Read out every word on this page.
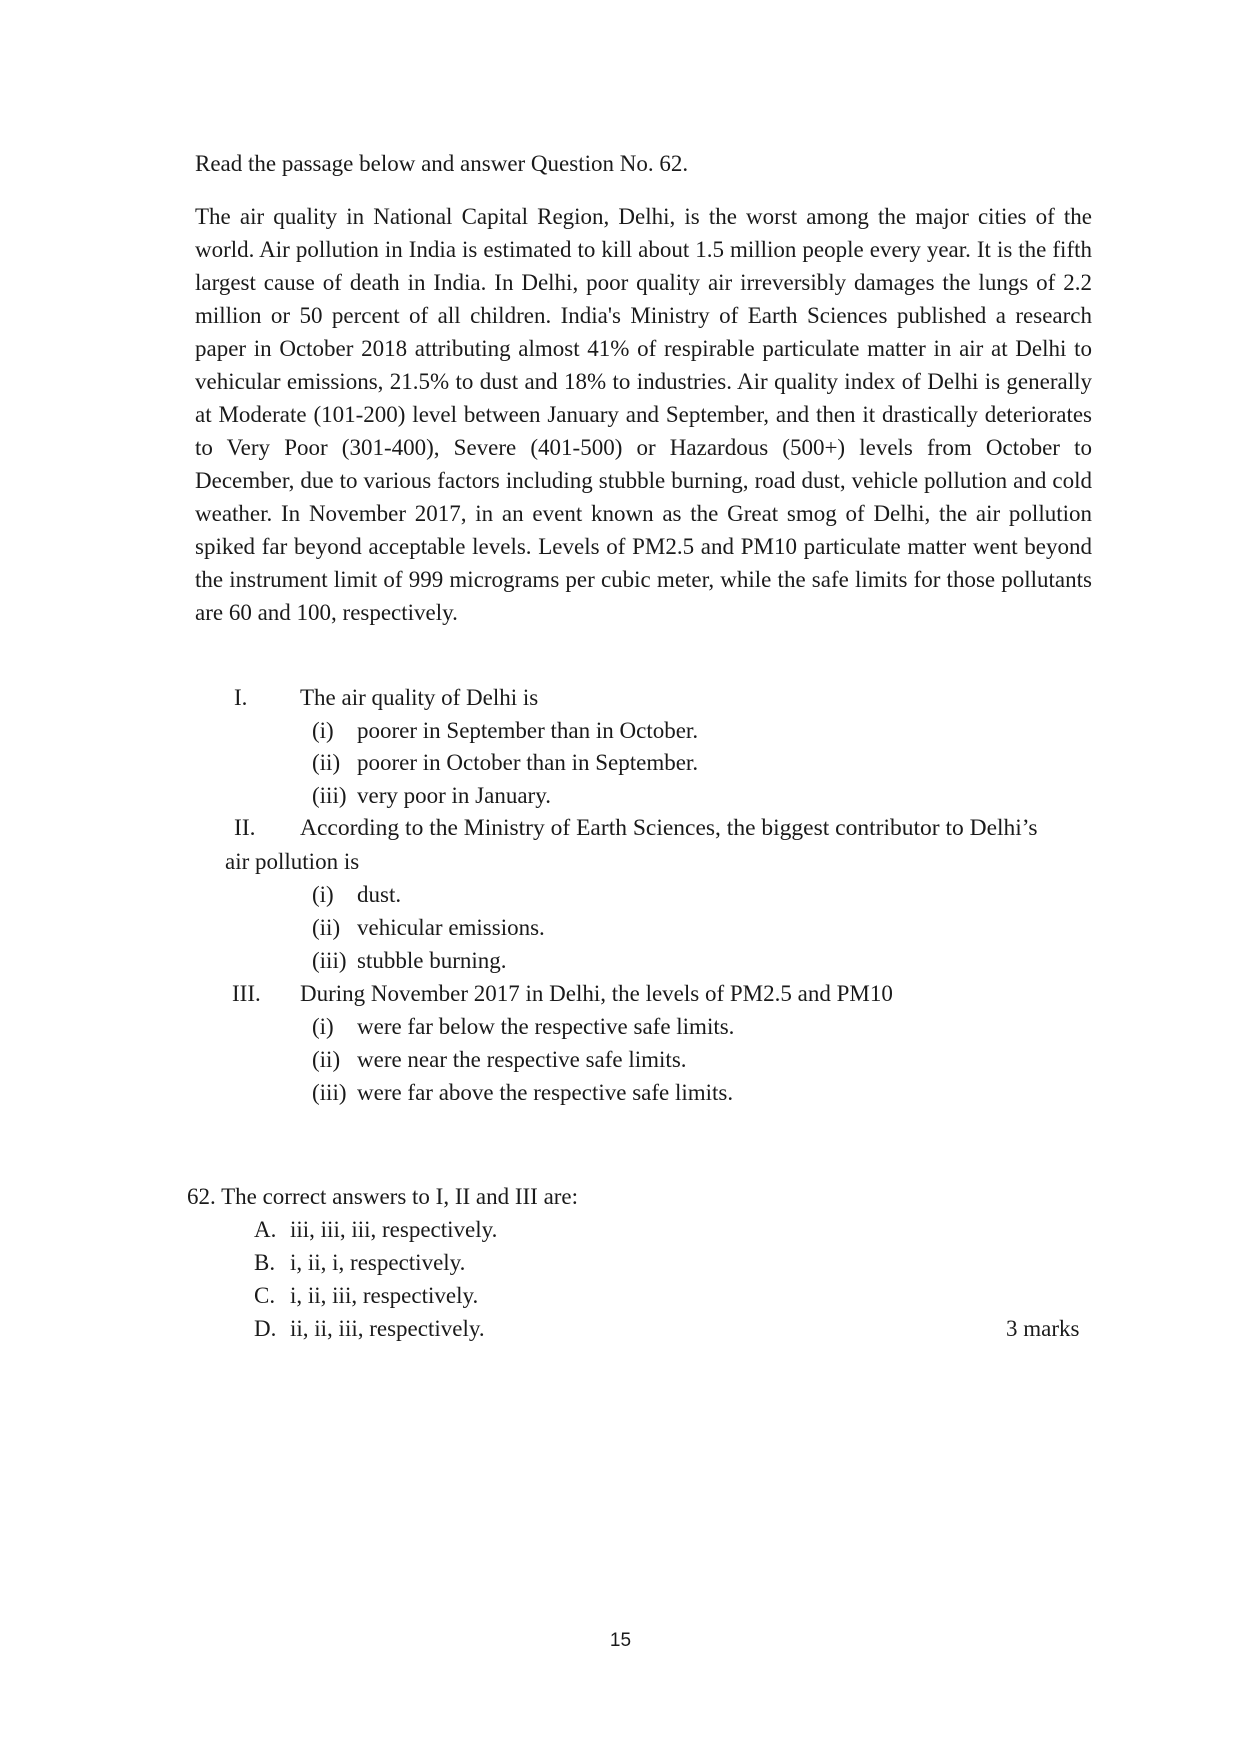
Read the passage below and answer Question No. 62.
The air quality in National Capital Region, Delhi, is the worst among the major cities of the world. Air pollution in India is estimated to kill about 1.5 million people every year. It is the fifth largest cause of death in India. In Delhi, poor quality air irreversibly damages the lungs of 2.2 million or 50 percent of all children. India's Ministry of Earth Sciences published a research paper in October 2018 attributing almost 41% of respirable particulate matter in air at Delhi to vehicular emissions, 21.5% to dust and 18% to industries. Air quality index of Delhi is generally at Moderate (101-200) level between January and September, and then it drastically deteriorates to Very Poor (301-400), Severe (401-500) or Hazardous (500+) levels from October to December, due to various factors including stubble burning, road dust, vehicle pollution and cold weather. In November 2017, in an event known as the Great smog of Delhi, the air pollution spiked far beyond acceptable levels. Levels of PM2.5 and PM10 particulate matter went beyond the instrument limit of 999 micrograms per cubic meter, while the safe limits for those pollutants are 60 and 100, respectively.
I. The air quality of Delhi is
(i) poorer in September than in October.
(ii) poorer in October than in September.
(iii) very poor in January.
II. According to the Ministry of Earth Sciences, the biggest contributor to Delhi’s
air pollution is
(i) dust.
(ii) vehicular emissions.
(iii) stubble burning.
III. During November 2017 in Delhi, the levels of PM2.5 and PM10
(i) were far below the respective safe limits.
(ii) were near the respective safe limits.
(iii) were far above the respective safe limits.
62. The correct answers to I, II and III are:
A. iii, iii, iii, respectively.
B. i, ii, i, respectively.
C. i, ii, iii, respectively.
D. ii, ii, iii, respectively.	3 marks
15
